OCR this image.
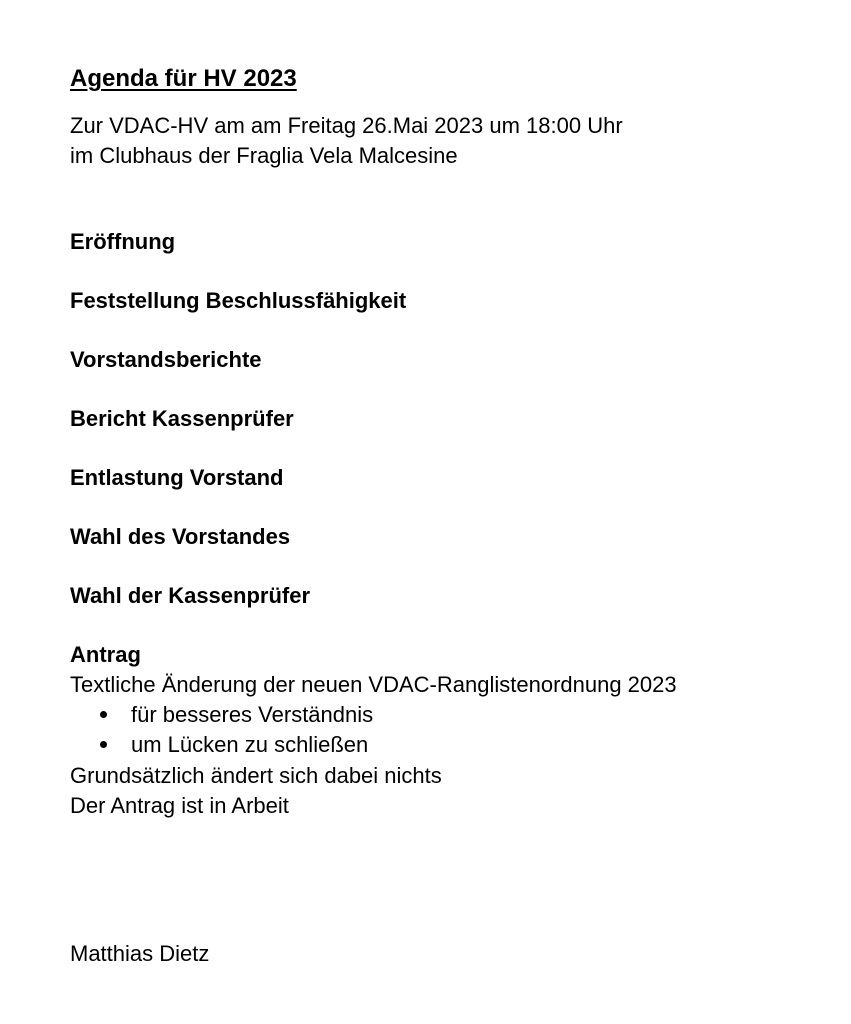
Agenda für HV 2023
Zur VDAC-HV am am Freitag 26.Mai 2023 um 18:00 Uhr
im Clubhaus der Fraglia Vela Malcesine
Eröffnung
Feststellung Beschlussfähigkeit
Vorstandsberichte
Bericht Kassenprüfer
Entlastung Vorstand
Wahl des Vorstandes
Wahl der Kassenprüfer
Antrag
Textliche Änderung der neuen VDAC-Ranglistenordnung 2023
für besseres Verständnis
um Lücken zu schließen
Grundsätzlich ändert sich dabei nichts
Der Antrag ist in Arbeit
Matthias Dietz
